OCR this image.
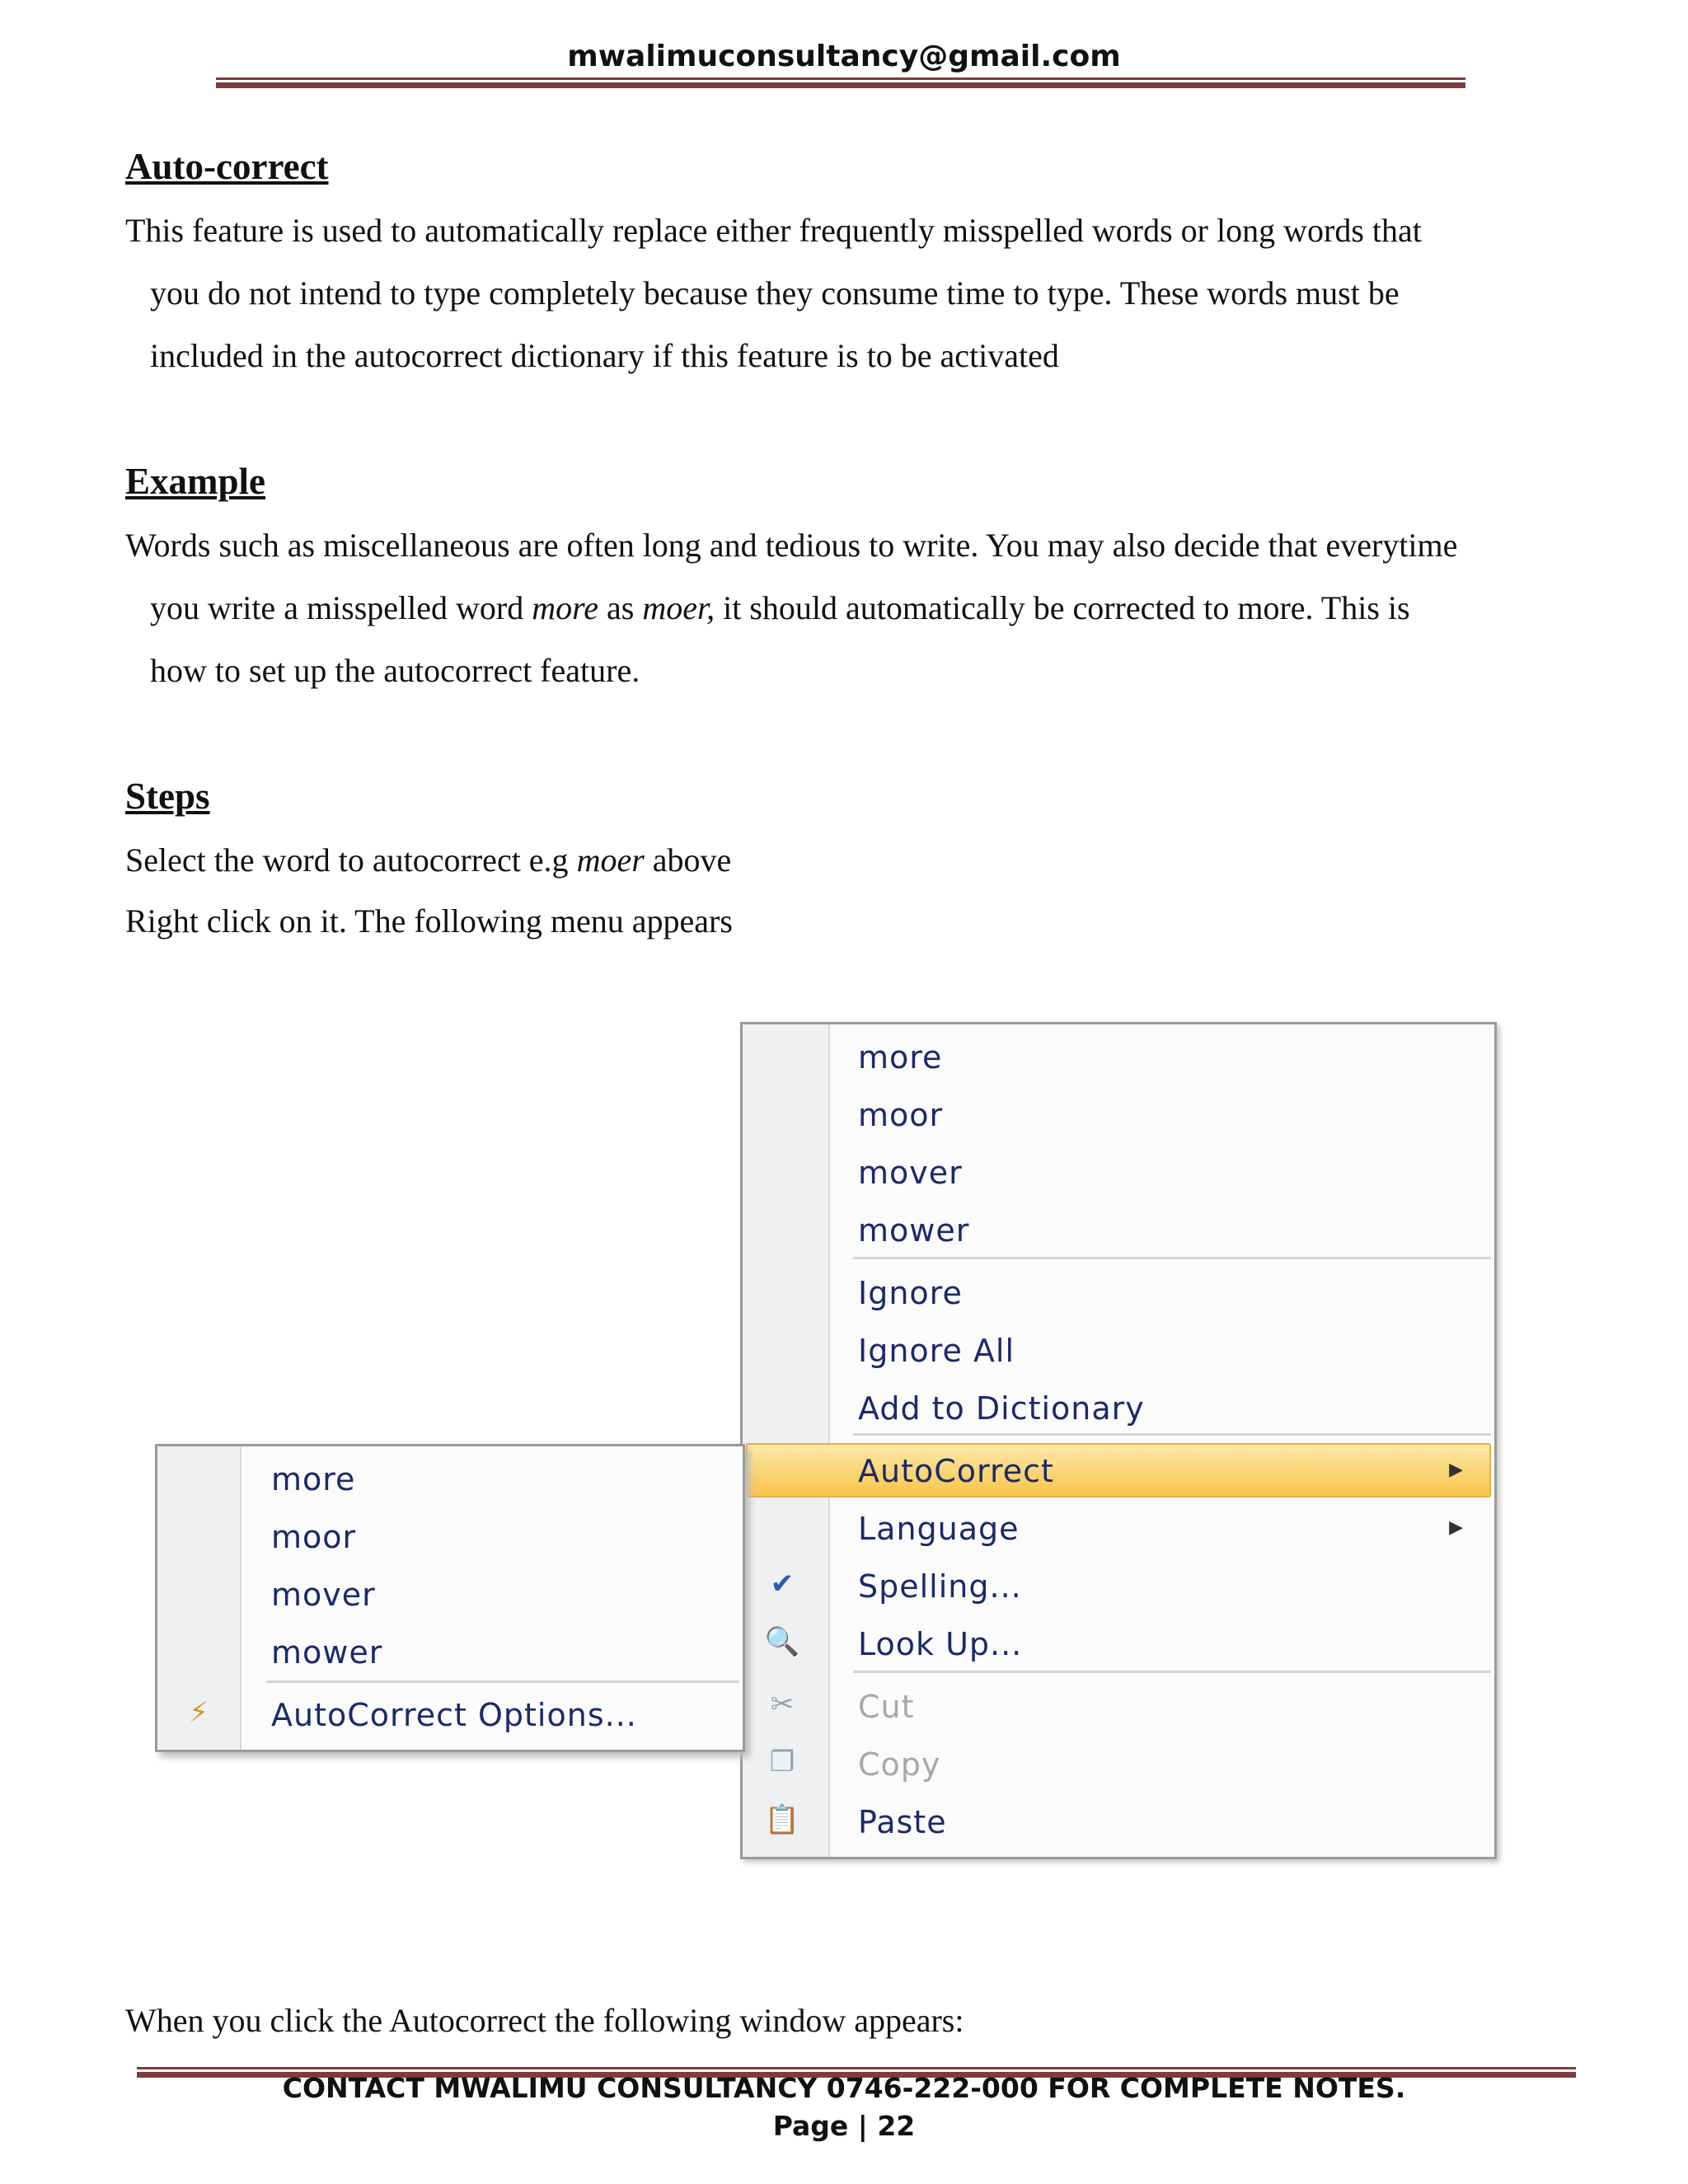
mwalimuconsultancy@gmail.com
Auto-correct

This feature is used to automatically replace either frequently misspelled words or long words that

you do not intend to type completely because they consume time to type. These words must be

included in the autocorrect dictionary if this feature is to be activated

Example

Words such as miscellaneous are often long and tedious to write. You may also decide that everytime

you write a misspelled word more as moer, it should automatically be corrected to more. This is

how to set up the autocorrect feature.

Steps
Select the word to autocorrect e.g moer above
Right click on it. The following menu appears
more
moor
mover
mower
Ignore
Ignore All
Add to Dictionary
AutoCorrect	▶
Language	▶
✔	Spelling...
🔍 Look Up...
✂	Cut
❐	Copy
📋 Paste
more
moor
mover
mower
⚡	AutoCorrect Options...
When you click the Autocorrect the following window appears:
CONTACT MWALIMU CONSULTANCY 0746-222-000 FOR COMPLETE NOTES.
Page | 22
